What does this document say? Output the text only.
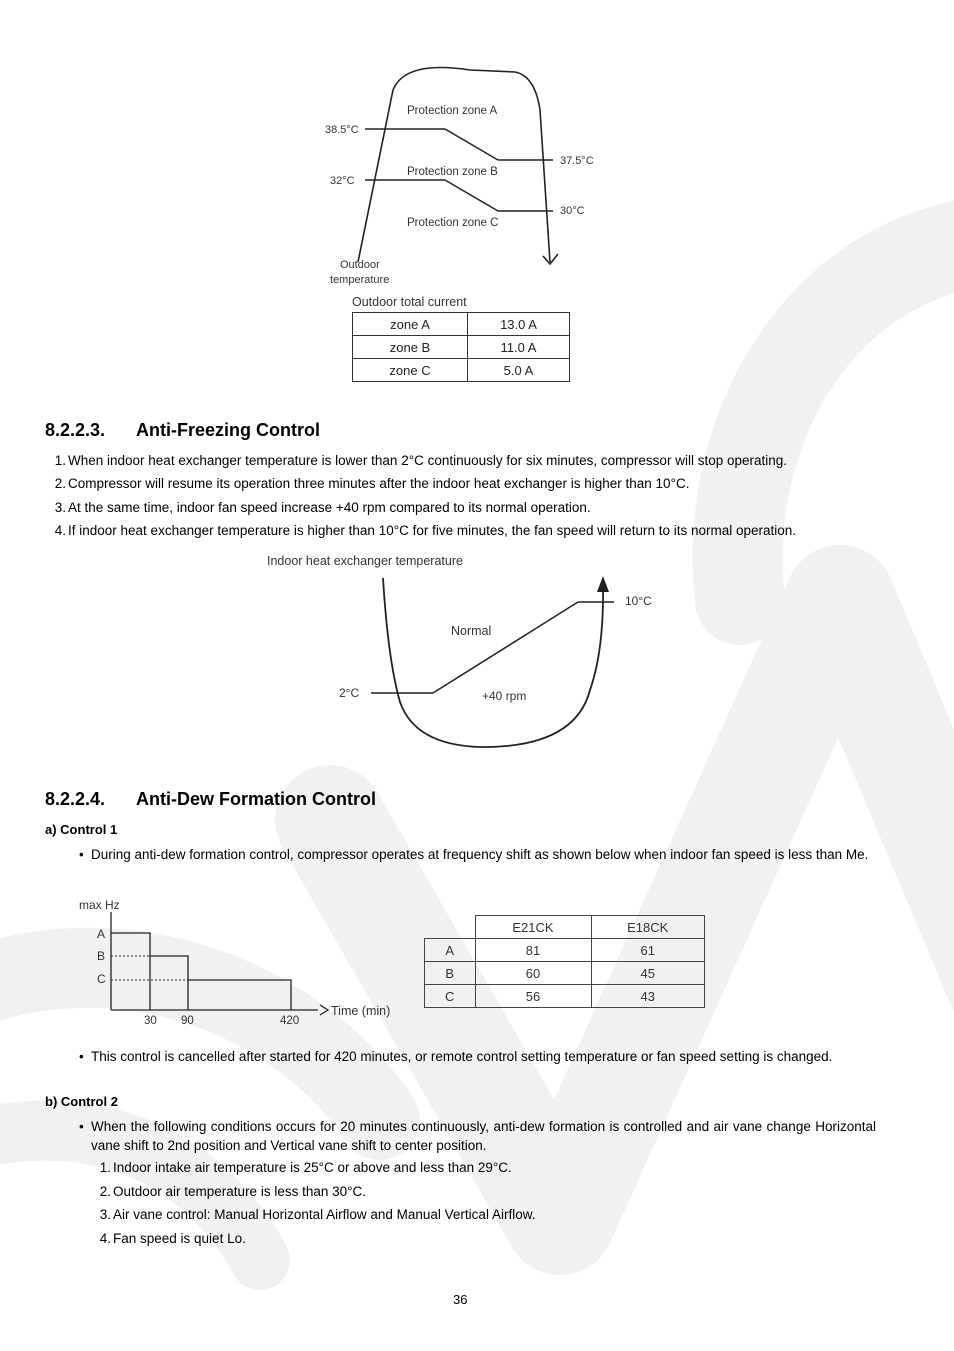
Protection zone A
Protection zone B
Protection zone C
38.5°C
32°C
37.5°C
30°C
Outdoor
temperature
Outdoor total current
zone A	13.0 A
zone B	11.0 A
zone C	5.0 A
8.2.2.3. Anti-Freezing Control
1. When indoor heat exchanger temperature is lower than 2°C continuously for six minutes, compressor will stop operating.
2. Compressor will resume its operation three minutes after the indoor heat exchanger is higher than 10°C.
3. At the same time, indoor fan speed increase +40 rpm compared to its normal operation.
4. If indoor heat exchanger temperature is higher than 10°C for five minutes, the fan speed will return to its normal operation.
Indoor heat exchanger temperature
10°C
2°C
Normal
+40 rpm
8.2.2.4. Anti-Dew Formation Control
a) Control 1
• During anti-dew formation control, compressor operates at frequency shift as shown below when indoor fan speed is less than Me.
max Hz
A
B
C
30 90	420
Time (min)
	E21CK	E18CK
A	81	61
B	60	45
C	56	43
• This control is cancelled after started for 420 minutes, or remote control setting temperature or fan speed setting is changed.
b) Control 2
• When the following conditions occurs for 20 minutes continuously, anti-dew formation is controlled and air vane change Horizontal vane shift to 2nd position and Vertical vane shift to center position.
1. Indoor intake air temperature is 25°C or above and less than 29°C.
2. Outdoor air temperature is less than 30°C.
3. Air vane control: Manual Horizontal Airflow and Manual Vertical Airflow.
4. Fan speed is quiet Lo.
36
